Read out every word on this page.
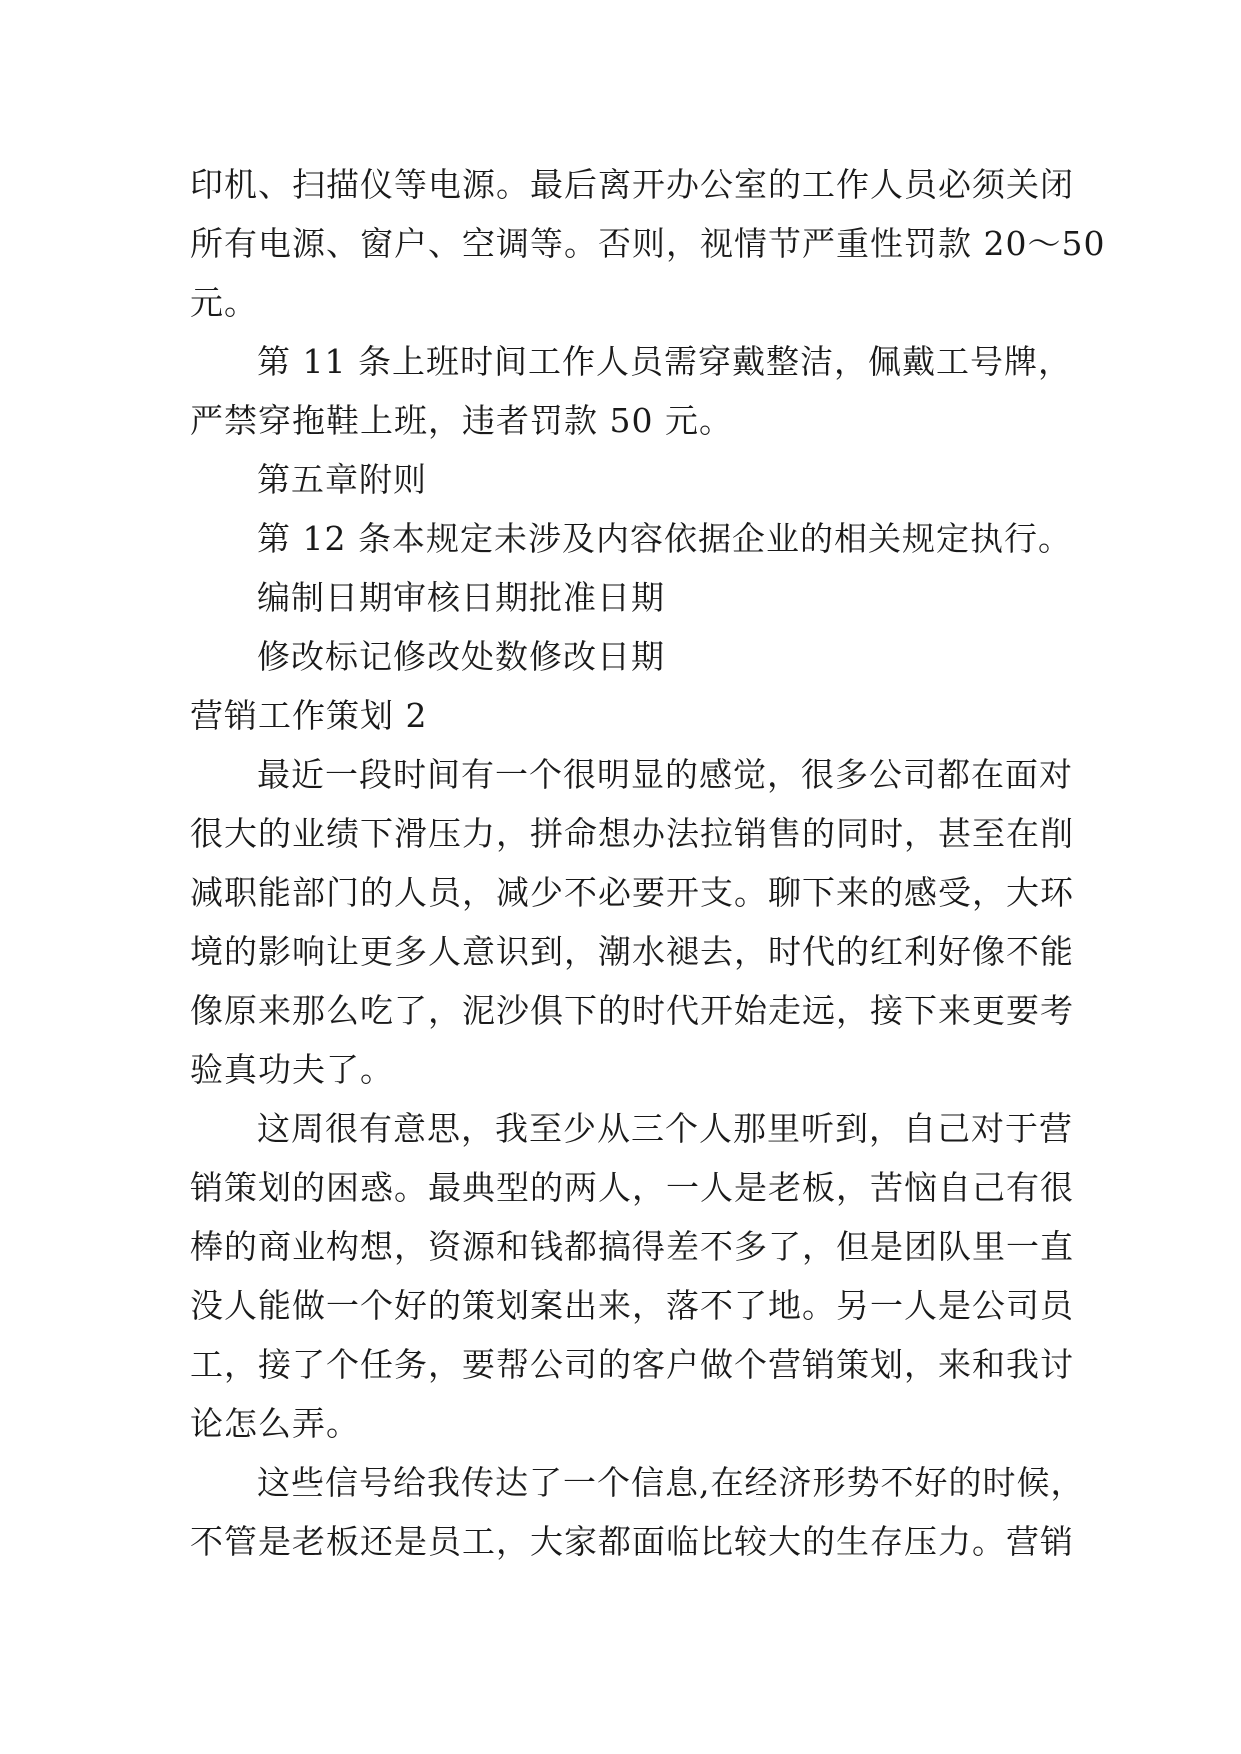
印机、扫描仪等电源。最后离开办公室的工作人员必须关闭
所有电源、窗户、空调等。否则，视情节严重性罚款 20～50
元。
第 11 条上班时间工作人员需穿戴整洁，佩戴工号牌，
严禁穿拖鞋上班，违者罚款 50 元。
第五章附则
第 12 条本规定未涉及内容依据企业的相关规定执行。
编制日期审核日期批准日期
修改标记修改处数修改日期
营销工作策划 2
最近一段时间有一个很明显的感觉，很多公司都在面对
很大的业绩下滑压力，拼命想办法拉销售的同时，甚至在削
减职能部门的人员，减少不必要开支。聊下来的感受，大环
境的影响让更多人意识到，潮水褪去，时代的红利好像不能
像原来那么吃了，泥沙俱下的时代开始走远，接下来更要考
验真功夫了。
这周很有意思，我至少从三个人那里听到，自己对于营
销策划的困惑。最典型的两人，一人是老板，苦恼自己有很
棒的商业构想，资源和钱都搞得差不多了，但是团队里一直
没人能做一个好的策划案出来，落不了地。另一人是公司员
工，接了个任务，要帮公司的客户做个营销策划，来和我讨
论怎么弄。
这些信号给我传达了一个信息,在经济形势不好的时候，
不管是老板还是员工，大家都面临比较大的生存压力。营销
